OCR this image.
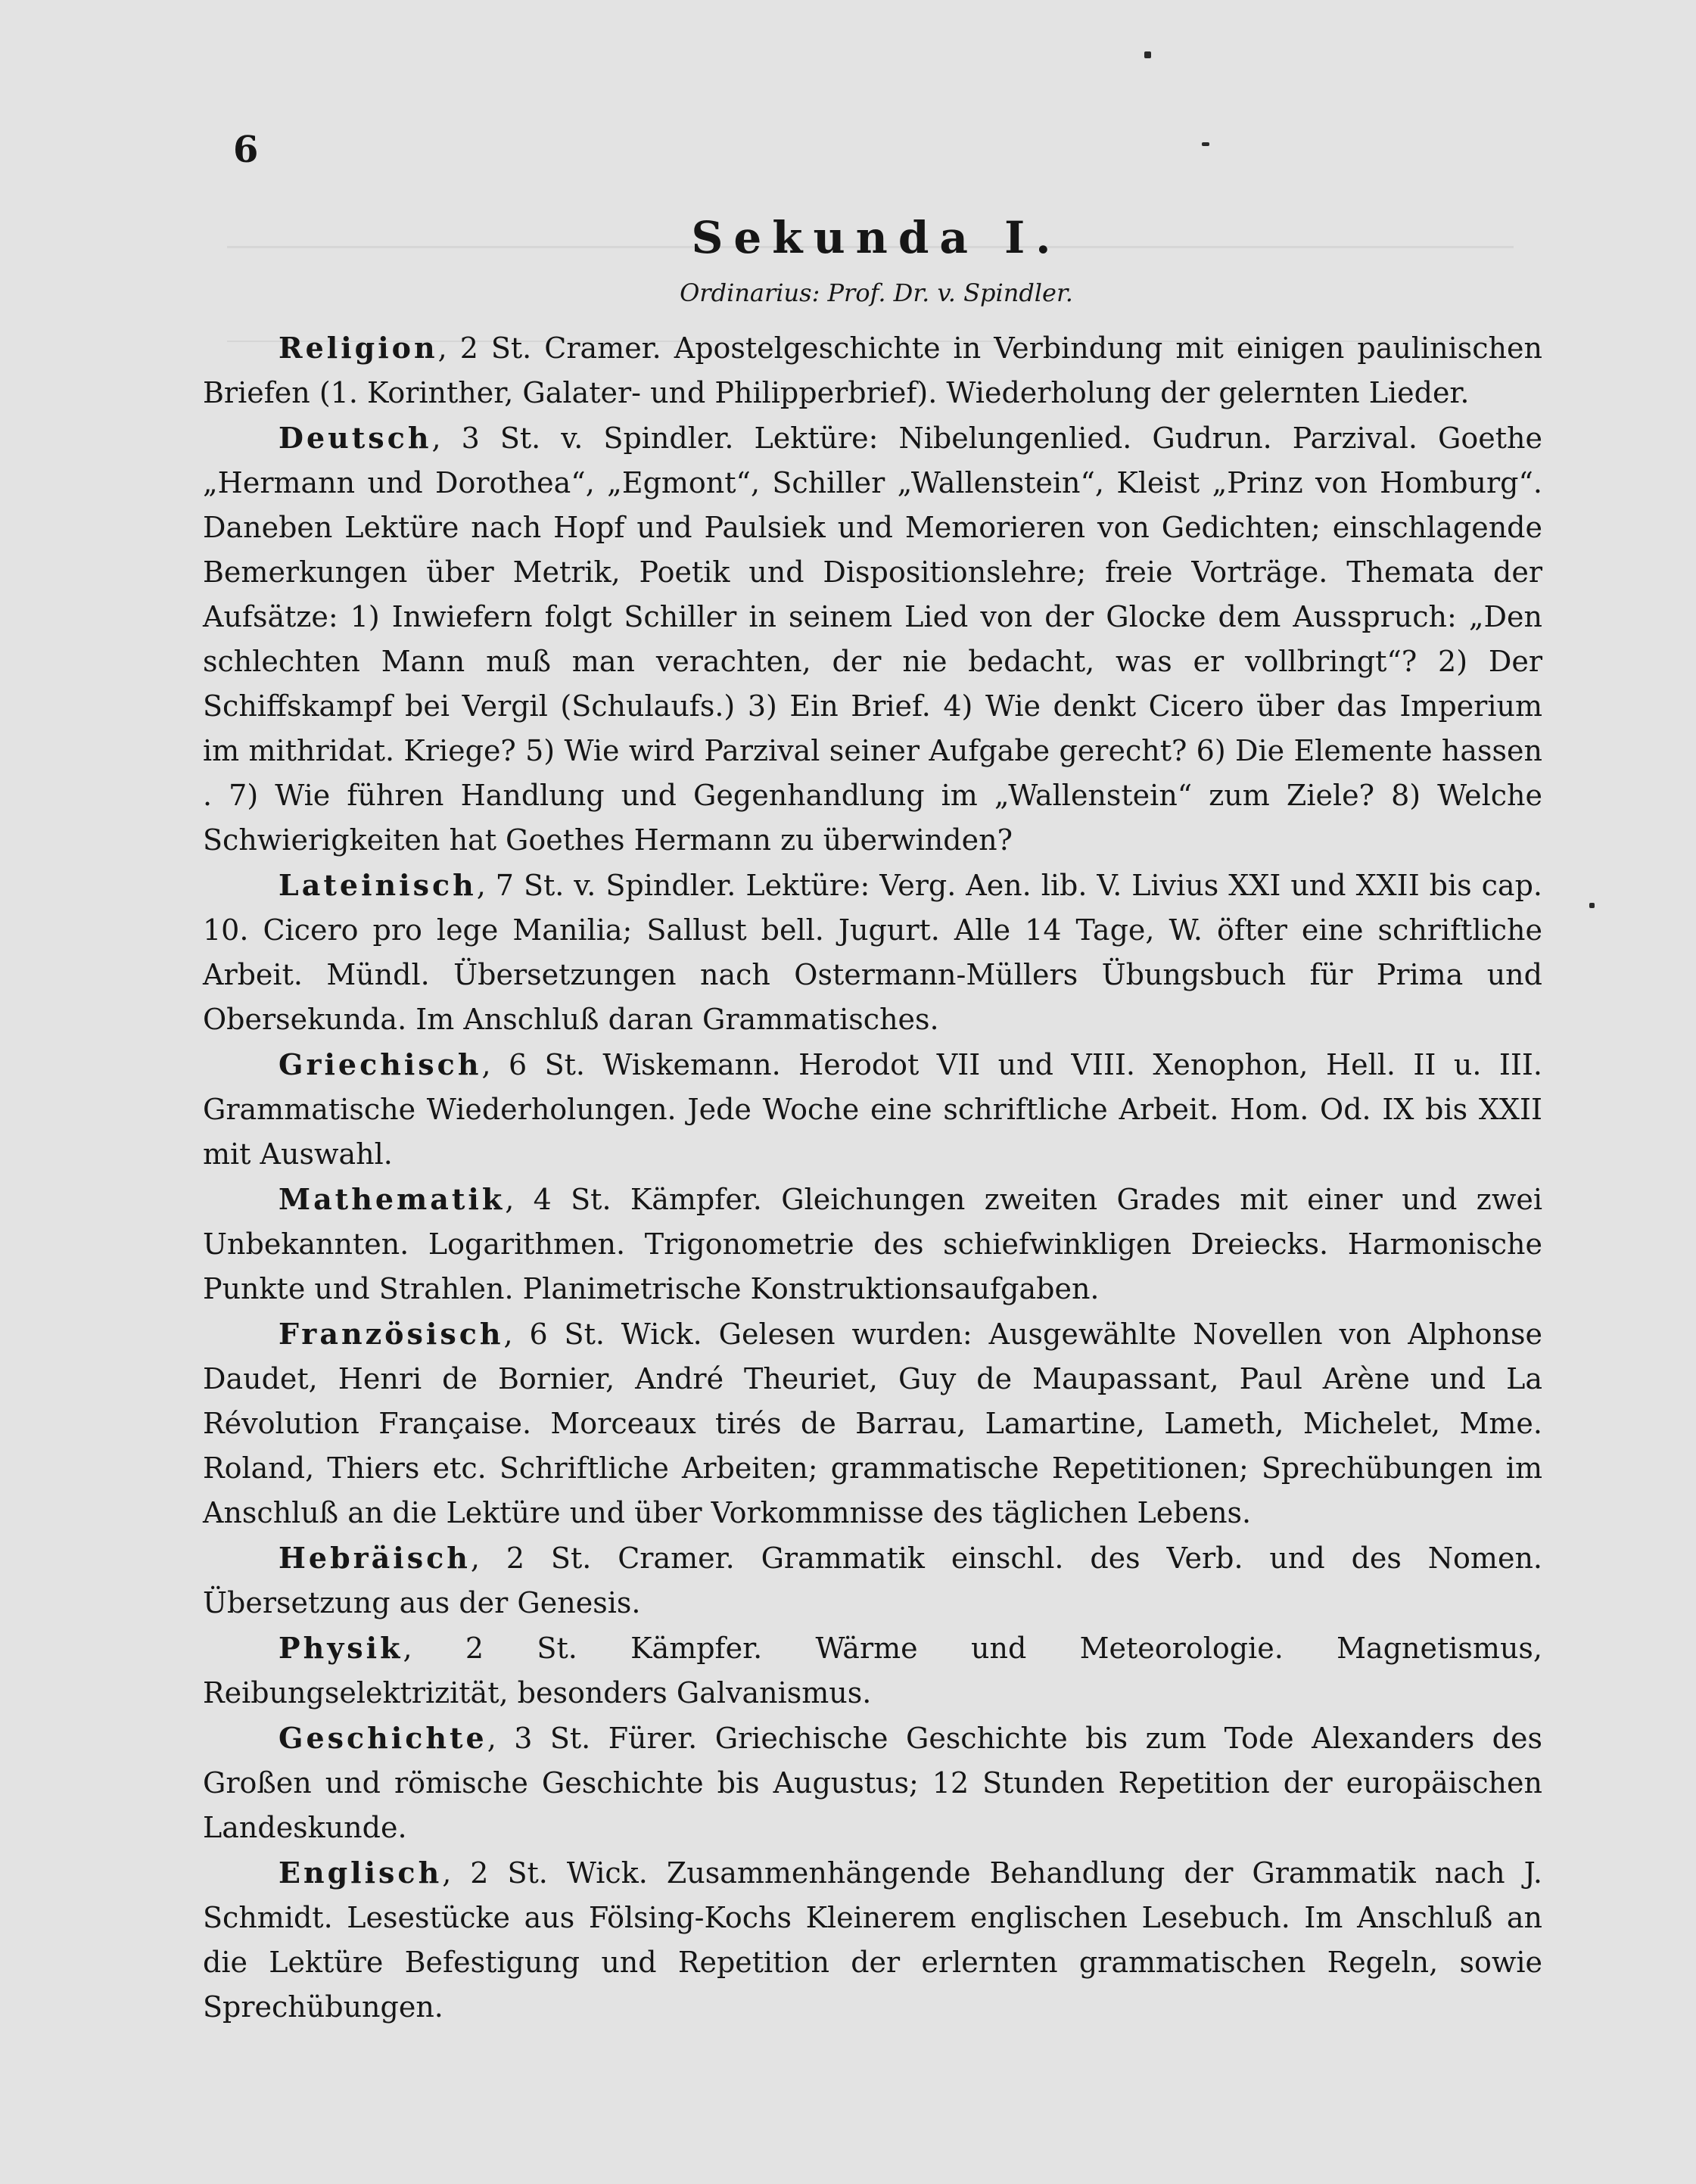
​
6
Sekunda I.
Ordinarius: Prof. Dr. v. Spindler.

Religion, 2 St. Cramer. Apostelgeschichte in Verbindung mit einigen paulinischen Briefen (1. Korinther, Galater- und Philipperbrief). Wiederholung der gelernten Lieder.

Deutsch, 3 St. v. Spindler. Lektüre: Nibelungenlied. Gudrun. Parzival. Goethe „Hermann und Dorothea“, „Egmont“, Schiller „Wallenstein“, Kleist „Prinz von Homburg“. Daneben Lektüre nach Hopf und Paulsiek und Memorieren von Gedichten; einschlagende Bemerkungen über Metrik, Poetik und Dispositionslehre; freie Vorträge. Themata der Aufsätze: 1) Inwiefern folgt Schiller in seinem Lied von der Glocke dem Ausspruch: „Den schlechten Mann muß man verachten, der nie bedacht, was er vollbringt“? 2) Der Schiffskampf bei Vergil (Schulaufs.) 3) Ein Brief. 4) Wie denkt Cicero über das Imperium im mithridat. Kriege? 5) Wie wird Parzival seiner Aufgabe gerecht? 6) Die Elemente hassen . 7) Wie führen Handlung und Gegenhandlung im „Wallenstein“ zum Ziele? 8) Welche Schwierigkeiten hat Goethes Hermann zu überwinden?

Lateinisch, 7 St. v. Spindler. Lektüre: Verg. Aen. lib. V. Livius XXI und XXII bis cap. 10. Cicero pro lege Manilia; Sallust bell. Jugurt. Alle 14 Tage, W. öfter eine schriftliche Arbeit. Mündl. Übersetzungen nach Ostermann-Müllers Übungsbuch für Prima und Obersekunda. Im Anschluß daran Grammatisches.

Griechisch, 6 St. Wiskemann. Herodot VII und VIII. Xenophon, Hell. II u. III. Grammatische Wiederholungen. Jede Woche eine schriftliche Arbeit. Hom. Od. IX bis XXII mit Auswahl.

Mathematik, 4 St. Kämpfer. Gleichungen zweiten Grades mit einer und zwei Unbekannten. Logarithmen. Trigonometrie des schiefwinkligen Dreiecks. Harmonische Punkte und Strahlen. Planimetrische Konstruktionsaufgaben.

Französisch, 6 St. Wick. Gelesen wurden: Ausgewählte Novellen von Alphonse Daudet, Henri de Bornier, André Theuriet, Guy de Maupassant, Paul Arène und La Révolution Française. Morceaux tirés de Barrau, Lamartine, Lameth, Michelet, Mme. Roland, Thiers etc. Schriftliche Arbeiten; grammatische Repetitionen; Sprechübungen im Anschluß an die Lektüre und über Vorkommnisse des täglichen Lebens.

Hebräisch, 2 St. Cramer. Grammatik einschl. des Verb. und des Nomen. Übersetzung aus der Genesis.

Physik, 2 St. Kämpfer. Wärme und Meteorologie. Magnetismus, Reibungselektrizität, besonders Galvanismus.

Geschichte, 3 St. Fürer. Griechische Geschichte bis zum Tode Alexanders des Großen und römische Geschichte bis Augustus; 12 Stunden Repetition der europäischen Landeskunde.

Englisch, 2 St. Wick. Zusammenhängende Behandlung der Grammatik nach J. Schmidt. Lesestücke aus Fölsing-Kochs Kleinerem englischen Lesebuch. Im Anschluß an die Lektüre Befestigung und Repetition der erlernten grammatischen Regeln, sowie Sprechübungen.
